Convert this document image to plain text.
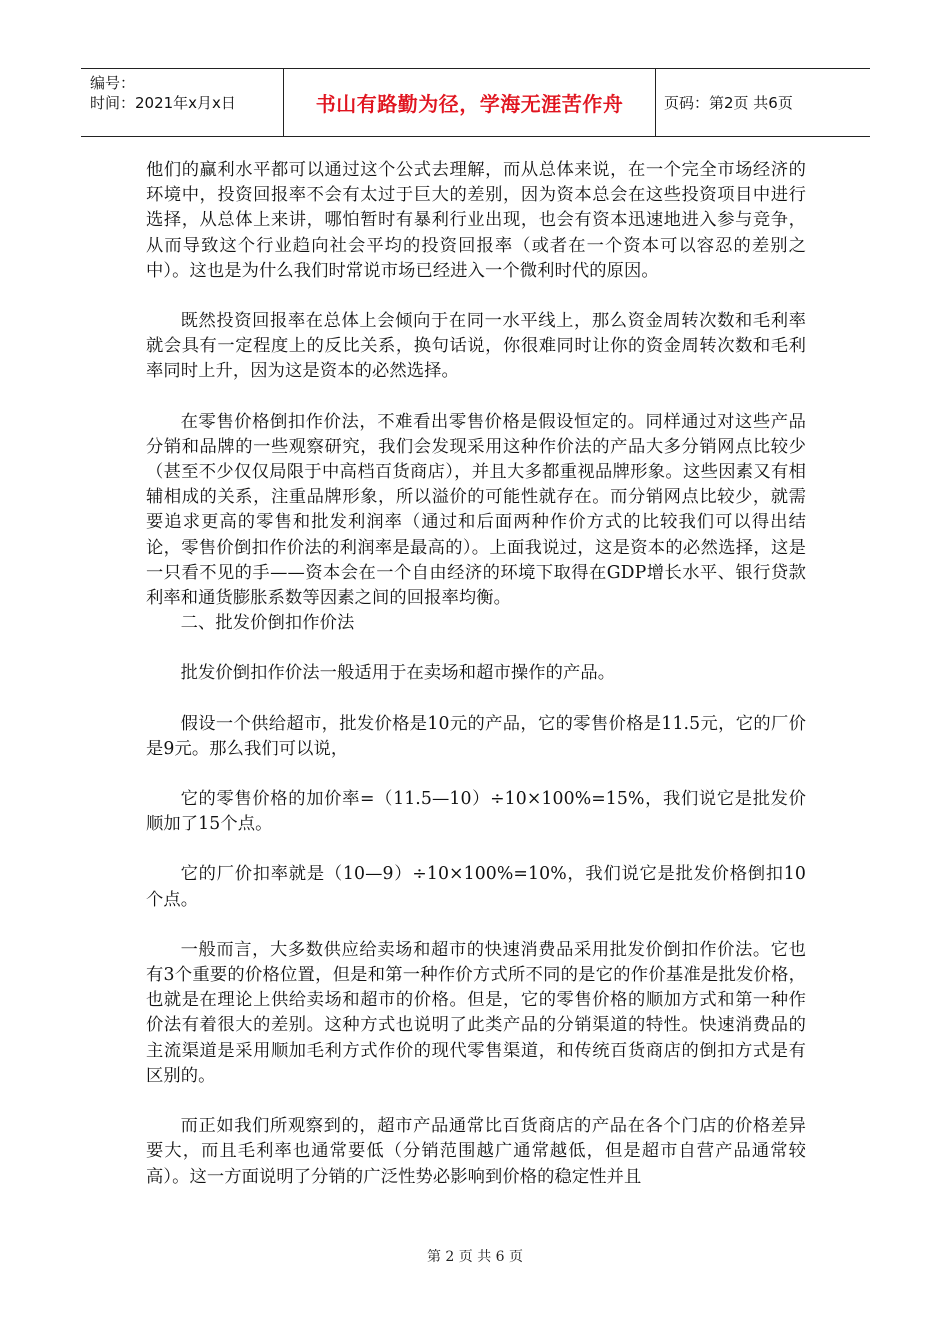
编号：
时间：2021年x月x日	书山有路勤为径，学海无涯苦作舟	页码：第2页 共6页

他们的赢利水平都可以通过这个公式去理解，而从总体来说，在一个完全市场经济的环境中，投资回报率不会有太过于巨大的差别，因为资本总会在这些投资项目中进行选择，从总体上来讲，哪怕暂时有暴利行业出现，也会有资本迅速地进入参与竞争，从而导致这个行业趋向社会平均的投资回报率（或者在一个资本可以容忍的差别之中）。这也是为什么我们时常说市场已经进入一个微利时代的原因。

既然投资回报率在总体上会倾向于在同一水平线上，那么资金周转次数和毛利率就会具有一定程度上的反比关系，换句话说，你很难同时让你的资金周转次数和毛利率同时上升，因为这是资本的必然选择。

在零售价格倒扣作价法，不难看出零售价格是假设恒定的。同样通过对这些产品分销和品牌的一些观察研究，我们会发现采用这种作价法的产品大多分销网点比较少（甚至不少仅仅局限于中高档百货商店），并且大多都重视品牌形象。这些因素又有相辅相成的关系，注重品牌形象，所以溢价的可能性就存在。而分销网点比较少，就需要追求更高的零售和批发利润率（通过和后面两种作价方式的比较我们可以得出结论，零售价倒扣作价法的利润率是最高的）。上面我说过，这是资本的必然选择，这是一只看不见的手——资本会在一个自由经济的环境下取得在GDP增长水平、银行贷款利率和通货膨胀系数等因素之间的回报率均衡。

二、批发价倒扣作价法

批发价倒扣作价法一般适用于在卖场和超市操作的产品。

假设一个供给超市，批发价格是10元的产品，它的零售价格是11.5元，它的厂价是9元。那么我们可以说，

它的零售价格的加价率=（11.5—10）÷10×100%=15%，我们说它是批发价顺加了15个点。

它的厂价扣率就是（10—9）÷10×100%=10%，我们说它是批发价格倒扣10个点。

一般而言，大多数供应给卖场和超市的快速消费品采用批发价倒扣作价法。它也有3个重要的价格位置，但是和第一种作价方式所不同的是它的作价基准是批发价格，也就是在理论上供给卖场和超市的价格。但是，它的零售价格的顺加方式和第一种作价法有着很大的差别。这种方式也说明了此类产品的分销渠道的特性。快速消费品的主流渠道是采用顺加毛利方式作价的现代零售渠道，和传统百货商店的倒扣方式是有区别的。

而正如我们所观察到的，超市产品通常比百货商店的产品在各个门店的价格差异要大，而且毛利率也通常要低（分销范围越广通常越低，但是超市自营产品通常较高）。这一方面说明了分销的广泛性势必影响到价格的稳定性并且

第 2 页 共 6 页
